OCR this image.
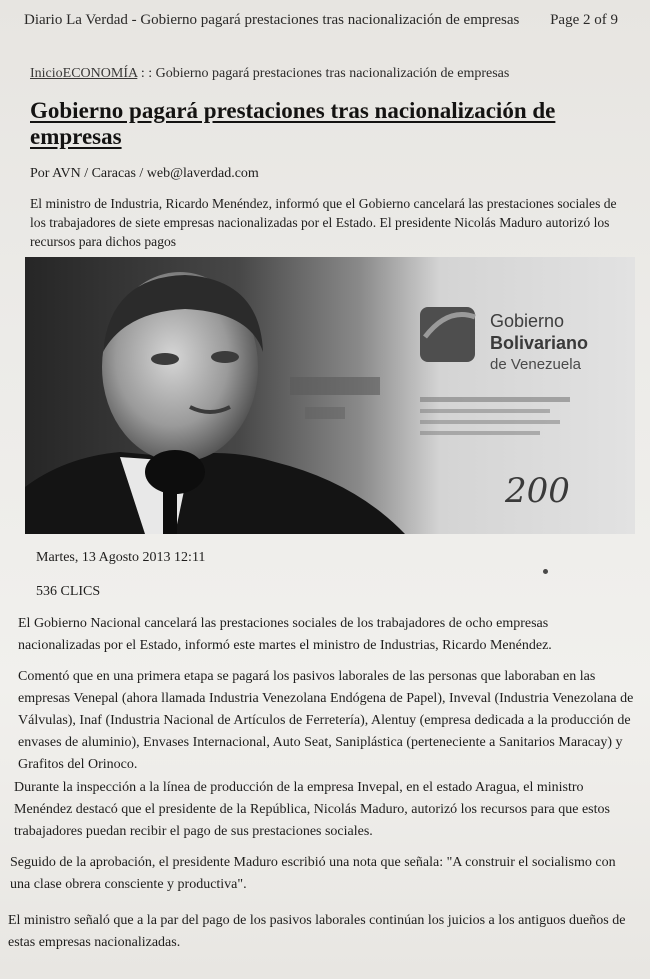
Diario La Verdad - Gobierno pagará prestaciones tras nacionalización de empresas Page 2 of 9
InicioECONOMÍA : : Gobierno pagará prestaciones tras nacionalización de empresas
Gobierno pagará prestaciones tras nacionalización de empresas
Por AVN / Caracas / web@laverdad.com

El ministro de Industria, Ricardo Menéndez, informó que el Gobierno cancelará las prestaciones sociales de los trabajadores de siete empresas nacionalizadas por el Estado. El presidente Nicolás Maduro autorizó los recursos para dichos pagos

Gobierno
Bolivariano
de Venezuela
200
Martes, 13 Agosto 2013 12:11
536 CLICS

El Gobierno Nacional cancelará las prestaciones sociales de los trabajadores de ocho empresas nacionalizadas por el Estado, informó este martes el ministro de Industrias, Ricardo Menéndez.

Comentó que en una primera etapa se pagará los pasivos laborales de las personas que laboraban en las empresas Venepal (ahora llamada Industria Venezolana Endógena de Papel), Inveval (Industria Venezolana de Válvulas), Inaf (Industria Nacional de Artículos de Ferretería), Alentuy (empresa dedicada a la producción de envases de aluminio), Envases Internacional, Auto Seat, Saniplástica (perteneciente a Sanitarios Maracay) y Grafitos del Orinoco.

Durante la inspección a la línea de producción de la empresa Invepal, en el estado Aragua, el ministro Menéndez destacó que el presidente de la República, Nicolás Maduro, autorizó los recursos para que estos trabajadores puedan recibir el pago de sus prestaciones sociales.

Seguido de la aprobación, el presidente Maduro escribió una nota que señala: "A construir el socialismo con una clase obrera consciente y productiva".

El ministro señaló que a la par del pago de los pasivos laborales continúan los juicios a los antiguos dueños de estas empresas nacionalizadas.
